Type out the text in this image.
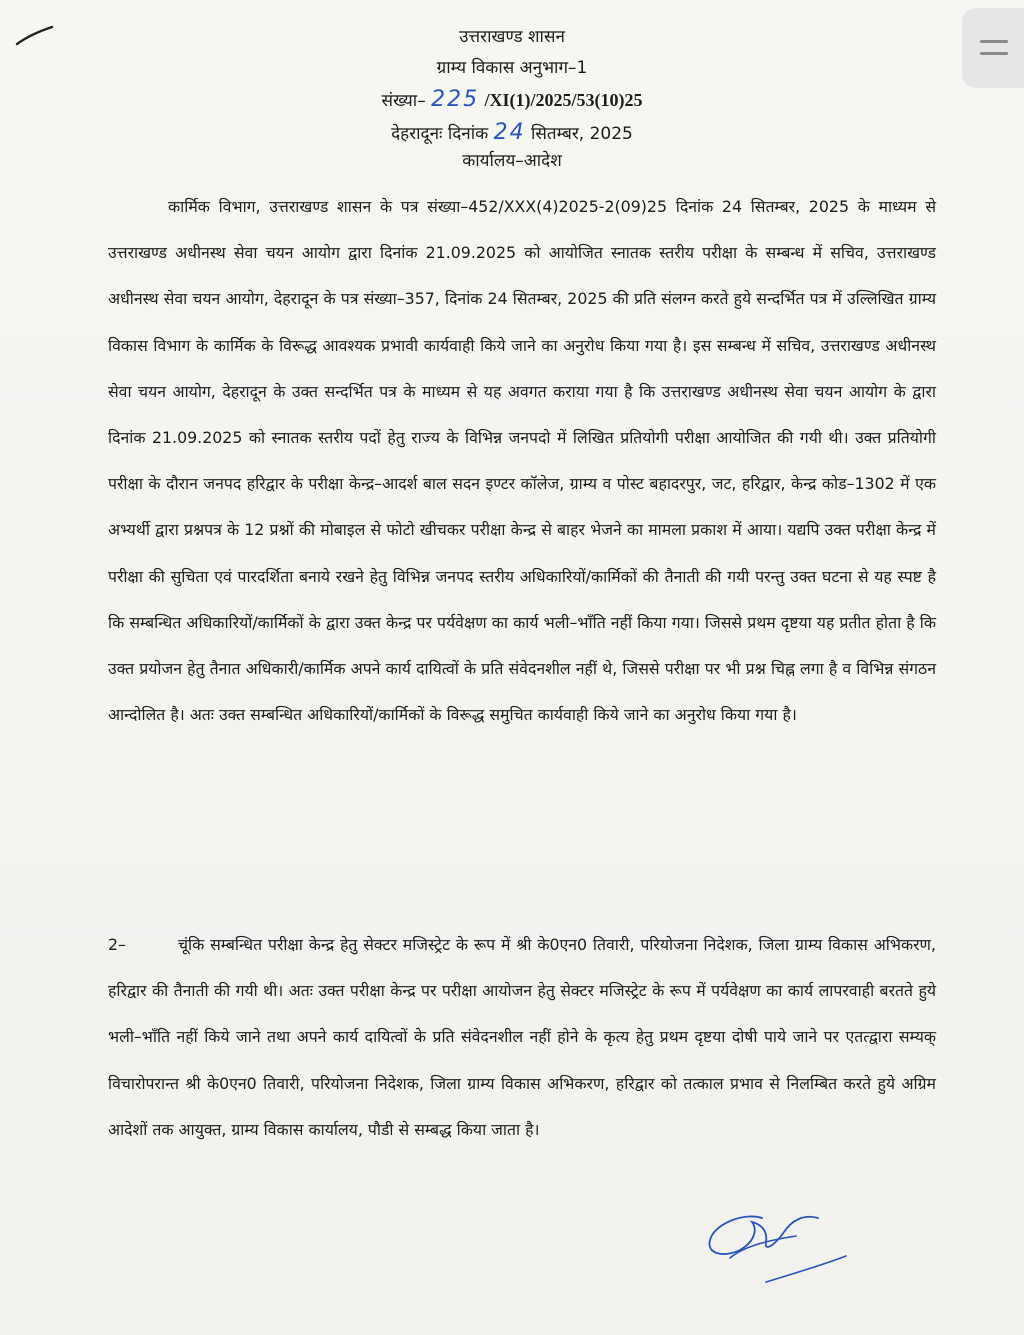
उत्तराखण्ड शासन
ग्राम्य विकास अनुभाग–1
संख्या– 225 /XI(1)/2025/53(10)25
देहरादूनः दिनांक 24 सितम्बर, 2025
कार्यालय–आदेश
कार्मिक विभाग, उत्तराखण्ड शासन के पत्र संख्या–452/XXX(4)2025-2(09)25 दिनांक 24 सितम्बर, 2025 के माध्यम से उत्तराखण्ड अधीनस्थ सेवा चयन आयोग द्वारा दिनांक 21.09.2025 को आयोजित स्नातक स्तरीय परीक्षा के सम्बन्ध में सचिव, उत्तराखण्ड अधीनस्थ सेवा चयन आयोग, देहरादून के पत्र संख्या–357, दिनांक 24 सितम्बर, 2025 की प्रति संलग्न करते हुये सन्दर्भित पत्र में उल्लिखित ग्राम्य विकास विभाग के कार्मिक के विरूद्ध आवश्यक प्रभावी कार्यवाही किये जाने का अनुरोध किया गया है। इस सम्बन्ध में सचिव, उत्तराखण्ड अधीनस्थ सेवा चयन आयोग, देहरादून के उक्त सन्दर्भित पत्र के माध्यम से यह अवगत कराया गया है कि उत्तराखण्ड अधीनस्थ सेवा चयन आयोग के द्वारा दिनांक 21.09.2025 को स्नातक स्तरीय पदों हेतु राज्य के विभिन्न जनपदो में लिखित प्रतियोगी परीक्षा आयोजित की गयी थी। उक्त प्रतियोगी परीक्षा के दौरान जनपद हरिद्वार के परीक्षा केन्द्र–आदर्श बाल सदन इण्टर कॉलेज, ग्राम्य व पोस्ट बहादरपुर, जट, हरिद्वार, केन्द्र कोड–1302 में एक अभ्यर्थी द्वारा प्रश्नपत्र के 12 प्रश्नों की मोबाइल से फोटो खीचकर परीक्षा केन्द्र से बाहर भेजने का मामला प्रकाश में आया। यद्यपि उक्त परीक्षा केन्द्र में परीक्षा की सुचिता एवं पारदर्शिता बनाये रखने हेतु विभिन्न जनपद स्तरीय अधिकारियों/कार्मिकों की तैनाती की गयी परन्तु उक्त घटना से यह स्पष्ट है कि सम्बन्धित अधिकारियों/कार्मिकों के द्वारा उक्त केन्द्र पर पर्यवेक्षण का कार्य भली–भाँति नहीं किया गया। जिससे प्रथम दृष्टया यह प्रतीत होता है कि उक्त प्रयोजन हेतु तैनात अधिकारी/कार्मिक अपने कार्य दायित्वों के प्रति संवेदनशील नहीं थे, जिससे परीक्षा पर भी प्रश्न चिह्न लगा है व विभिन्न संगठन आन्दोलित है। अतः उक्त सम्बन्धित अधिकारियों/कार्मिकों के विरूद्ध समुचित कार्यवाही किये जाने का अनुरोध किया गया है।
2–	चूंकि सम्बन्धित परीक्षा केन्द्र हेतु सेक्टर मजिस्ट्रेट के रूप में श्री के0एन0 तिवारी, परियोजना निदेशक, जिला ग्राम्य विकास अभिकरण, हरिद्वार की तैनाती की गयी थी। अतः उक्त परीक्षा केन्द्र पर परीक्षा आयोजन हेतु सेक्टर मजिस्ट्रेट के रूप में पर्यवेक्षण का कार्य लापरवाही बरतते हुये भली–भाँति नहीं किये जाने तथा अपने कार्य दायित्वों के प्रति संवेदनशील नहीं होने के कृत्य हेतु प्रथम दृष्टया दोषी पाये जाने पर एतत्द्वारा सम्यक् विचारोपरान्त श्री के0एन0 तिवारी, परियोजना निदेशक, जिला ग्राम्य विकास अभिकरण, हरिद्वार को तत्काल प्रभाव से निलम्बित करते हुये अग्रिम आदेशों तक आयुक्त, ग्राम्य विकास कार्यालय, पौडी से सम्बद्ध किया जाता है।
